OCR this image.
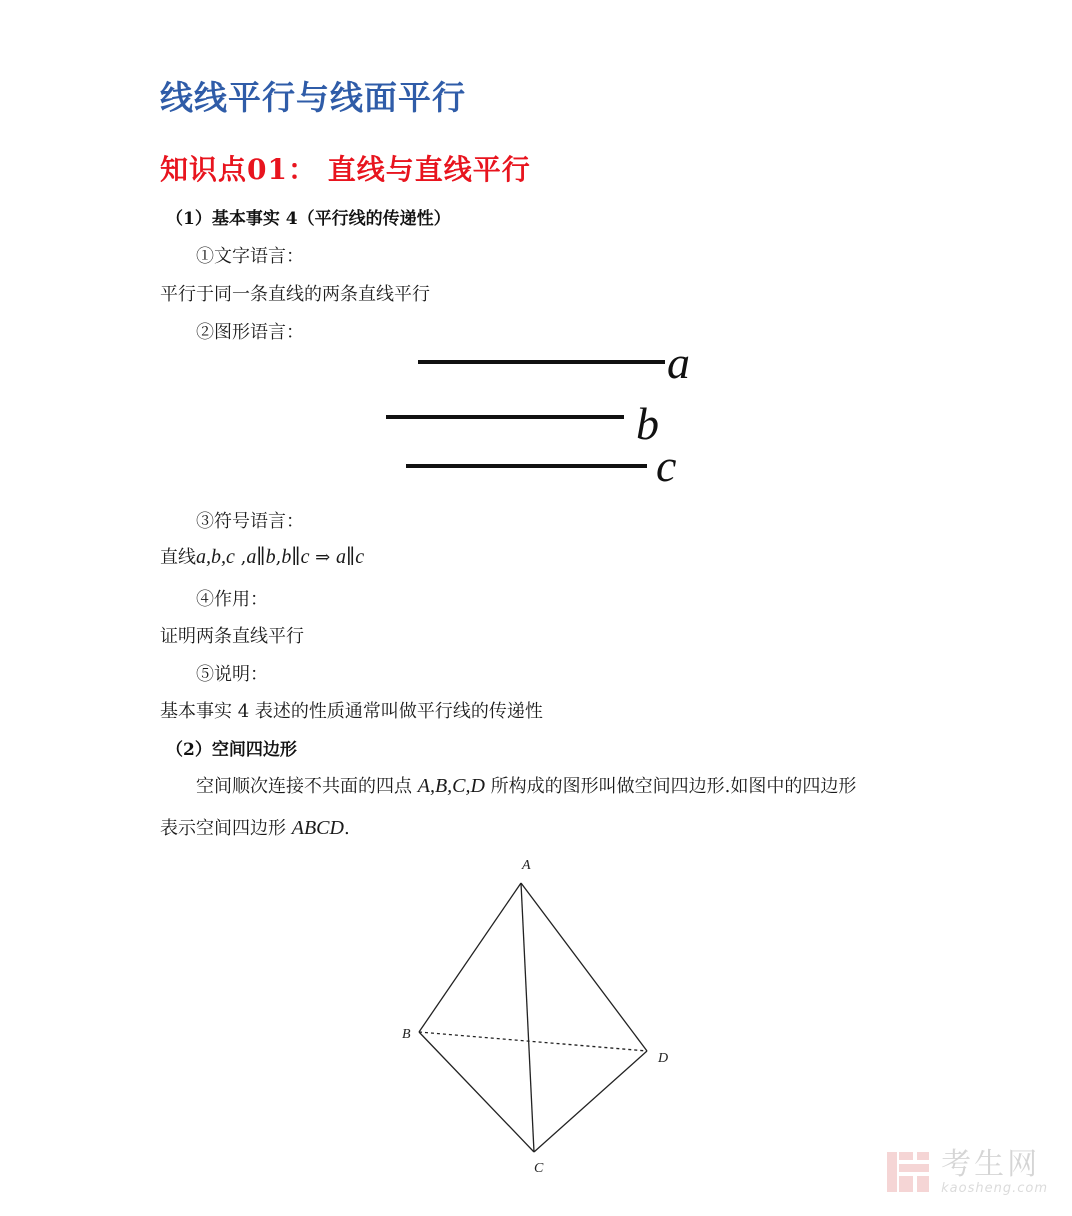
线线平行与线面平行
知识点01： 直线与直线平行
（1）基本事实 4（平行线的传递性）
①文字语言：
平行于同一条直线的两条直线平行
②图形语言：
a
b
c
③符号语言：
直线a,b,c ,a∥b,b∥c ⇒ a∥c
④作用：
证明两条直线平行
⑤说明：
基本事实 4 表述的性质通常叫做平行线的传递性
（2）空间四边形
空间顺次连接不共面的四点 A,B,C,D 所构成的图形叫做空间四边形.如图中的四边形
表示空间四边形 ABCD.
A
B
C
D
考生网
kaosheng.com
